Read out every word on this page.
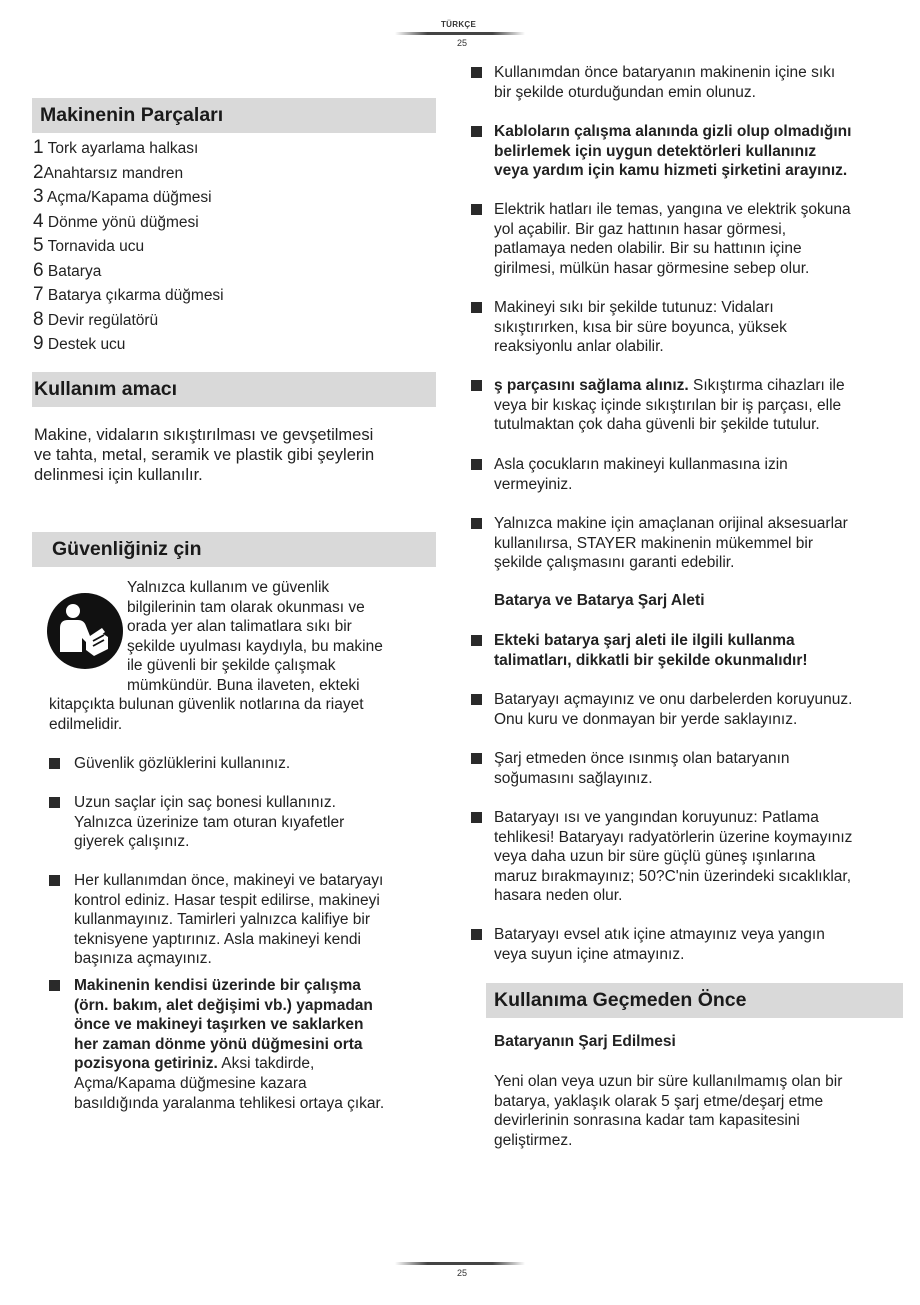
TÜRKÇE
25
Makinenin Parçaları
1 Tork ayarlama halkası
2Anahtarsız mandren
3 Açma/Kapama düğmesi
4 Dönme yönü düğmesi
5 Tornavida ucu
6 Batarya
7 Batarya çıkarma düğmesi
8 Devir regülatörü
9 Destek ucu
Kullanım amacı
Makine, vidaların sıkıştırılması ve gevşetilmesi
ve tahta, metal, seramik ve plastik gibi şeylerin
delinmesi için kullanılır.
Güvenliğiniz çin
Yalnızca kullanım ve güvenlik
bilgilerinin tam olarak okunması ve
orada yer alan talimatlara sıkı bir
şekilde uyulması kaydıyla, bu makine
ile güvenli bir şekilde çalışmak
mümkündür. Buna ilaveten, ekteki
kitapçıkta bulunan güvenlik notlarına da riayet
edilmelidir.
Güvenlik gözlüklerini kullanınız.
Uzun saçlar için saç bonesi kullanınız.
Yalnızca üzerinize tam oturan kıyafetler
giyerek çalışınız.
Her kullanımdan önce, makineyi ve bataryayı
kontrol ediniz. Hasar tespit edilirse, makineyi
kullanmayınız. Tamirleri yalnızca kalifiye bir
teknisyene yaptırınız. Asla makineyi kendi
başınıza açmayınız.
Makinenin kendisi üzerinde bir çalışma
(örn. bakım, alet değişimi vb.) yapmadan
önce ve makineyi taşırken ve saklarken
her zaman dönme yönü düğmesini orta
pozisyona getiriniz. Aksi takdirde,
Açma/Kapama düğmesine kazara
basıldığında yaralanma tehlikesi ortaya çıkar.
Kullanımdan önce bataryanın makinenin içine sıkı
bir şekilde oturduğundan emin olunuz.
Kabloların çalışma alanında gizli olup olmadığını
belirlemek için uygun detektörleri kullanınız
veya yardım için kamu hizmeti şirketini arayınız.
Elektrik hatları ile temas, yangına ve elektrik şokuna
yol açabilir. Bir gaz hattının hasar görmesi,
patlamaya neden olabilir. Bir su hattının içine
girilmesi, mülkün hasar görmesine sebep olur.
Makineyi sıkı bir şekilde tutunuz: Vidaları
sıkıştırırken, kısa bir süre boyunca, yüksek
reaksiyonlu anlar olabilir.
ş parçasını sağlama alınız. Sıkıştırma cihazları ile
veya bir kıskaç içinde sıkıştırılan bir iş parçası, elle
tutulmaktan çok daha güvenli bir şekilde tutulur.
Asla çocukların makineyi kullanmasına izin
vermeyiniz.
Yalnızca makine için amaçlanan orijinal aksesuarlar
kullanılırsa, STAYER makinenin mükemmel bir
şekilde çalışmasını garanti edebilir.
Batarya ve Batarya Şarj Aleti
Ekteki batarya şarj aleti ile ilgili kullanma
talimatları, dikkatli bir şekilde okunmalıdır!
Bataryayı açmayınız ve onu darbelerden koruyunuz.
Onu kuru ve donmayan bir yerde saklayınız.
Şarj etmeden önce ısınmış olan bataryanın
soğumasını sağlayınız.
Bataryayı ısı ve yangından koruyunuz: Patlama
tehlikesi! Bataryayı radyatörlerin üzerine koymayınız
veya daha uzun bir süre güçlü güneş ışınlarına
maruz bırakmayınız; 50?C'nin üzerindeki sıcaklıklar,
hasara neden olur.
Bataryayı evsel atık içine atmayınız veya yangın
veya suyun içine atmayınız.
Kullanıma Geçmeden Önce
Bataryanın Şarj Edilmesi
Yeni olan veya uzun bir süre kullanılmamış olan bir
batarya, yaklaşık olarak 5 şarj etme/deşarj etme
devirlerinin sonrasına kadar tam kapasitesini
geliştirmez.
25
